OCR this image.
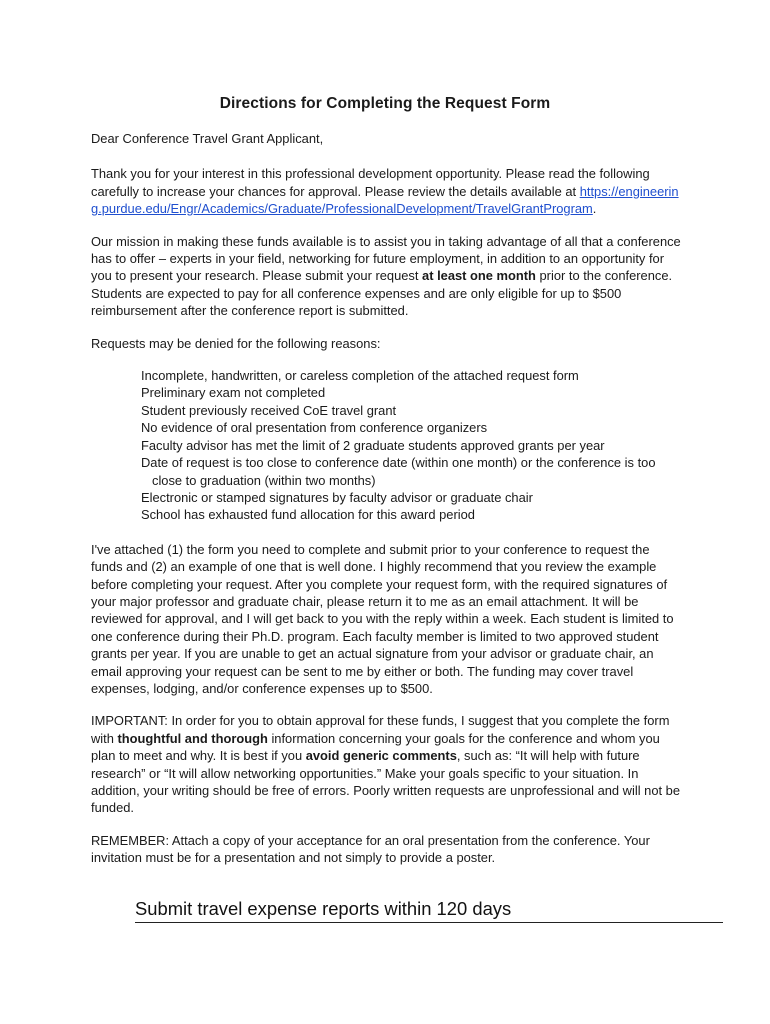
Directions for Completing the Request Form

Dear Conference Travel Grant Applicant,

Thank you for your interest in this professional development opportunity. Please read the following carefully to increase your chances for approval. Please review the details available at https://engineering.purdue.edu/Engr/Academics/Graduate/ProfessionalDevelopment/TravelGrantProgram.

Our mission in making these funds available is to assist you in taking advantage of all that a conference has to offer – experts in your field, networking for future employment, in addition to an opportunity for you to present your research. Please submit your request at least one month prior to the conference. Students are expected to pay for all conference expenses and are only eligible for up to $500 reimbursement after the conference report is submitted.

Requests may be denied for the following reasons:

Incomplete, handwritten, or careless completion of the attached request form
Preliminary exam not completed
Student previously received CoE travel grant
No evidence of oral presentation from conference organizers
Faculty advisor has met the limit of 2 graduate students approved grants per year
Date of request is too close to conference date (within one month) or the conference is too
close to graduation (within two months)
Electronic or stamped signatures by faculty advisor or graduate chair
School has exhausted fund allocation for this award period

I've attached (1) the form you need to complete and submit prior to your conference to request the funds and (2) an example of one that is well done. I highly recommend that you review the example before completing your request. After you complete your request form, with the required signatures of your major professor and graduate chair, please return it to me as an email attachment. It will be reviewed for approval, and I will get back to you with the reply within a week. Each student is limited to one conference during their Ph.D. program. Each faculty member is limited to two approved student grants per year. If you are unable to get an actual signature from your advisor or graduate chair, an email approving your request can be sent to me by either or both. The funding may cover travel expenses, lodging, and/or conference expenses up to $500.

IMPORTANT: In order for you to obtain approval for these funds, I suggest that you complete the form with thoughtful and thorough information concerning your goals for the conference and whom you plan to meet and why. It is best if you avoid generic comments, such as: “It will help with future research” or “It will allow networking opportunities.” Make your goals specific to your situation. In addition, your writing should be free of errors. Poorly written requests are unprofessional and will not be funded.

REMEMBER: Attach a copy of your acceptance for an oral presentation from the conference. Your invitation must be for a presentation and not simply to provide a poster.

Submit travel expense reports within 120 days
